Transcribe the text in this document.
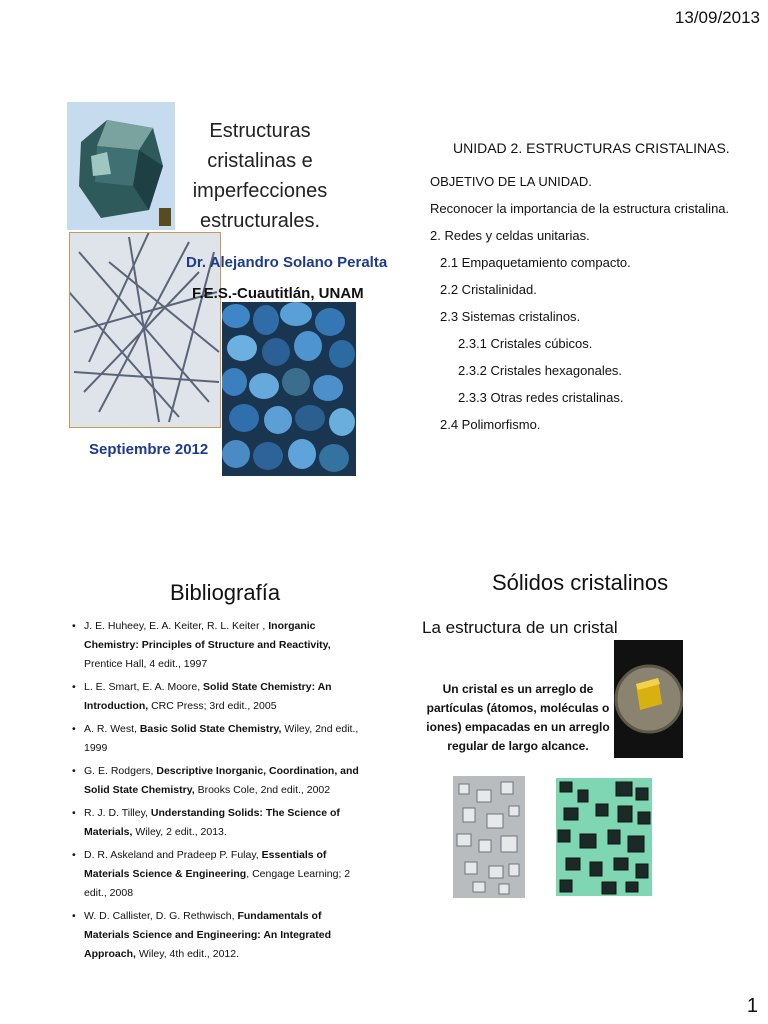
13/09/2013
Estructuras cristalinas e imperfecciones estructurales.
Dr. Alejandro Solano Peralta
F.E.S.-Cuautitlán, UNAM
Septiembre 2012
UNIDAD 2. ESTRUCTURAS CRISTALINAS.
OBJETIVO DE LA UNIDAD.
Reconocer la importancia de la estructura cristalina.
2. Redes y celdas unitarias.
2.1 Empaquetamiento compacto.
2.2 Cristalinidad.
2.3 Sistemas cristalinos.
2.3.1 Cristales cúbicos.
2.3.2 Cristales hexagonales.
2.3.3 Otras redes cristalinas.
2.4 Polimorfismo.
Bibliografía
• J. E. Huheey, E. A. Keiter, R. L. Keiter , Inorganic Chemistry: Principles of Structure and Reactivity, Prentice Hall, 4 edit., 1997
• L. E. Smart, E. A. Moore, Solid State Chemistry: An Introduction, CRC Press; 3rd edit., 2005
• A. R. West, Basic Solid State Chemistry, Wiley, 2nd edit., 1999
• G. E. Rodgers, Descriptive Inorganic, Coordination, and Solid State Chemistry, Brooks Cole, 2nd edit., 2002
• R. J. D. Tilley, Understanding Solids: The Science of Materials, Wiley, 2 edit., 2013.
• D. R. Askeland and Pradeep P. Fulay, Essentials of Materials Science & Engineering, Cengage Learning; 2 edit., 2008
• W. D. Callister, D. G. Rethwisch, Fundamentals of Materials Science and Engineering: An Integrated Approach, Wiley, 4th edit., 2012.
Sólidos cristalinos
La estructura de un cristal
Un cristal es un arreglo de partículas (átomos, moléculas o iones) empacadas en un arreglo regular de largo alcance.
1
